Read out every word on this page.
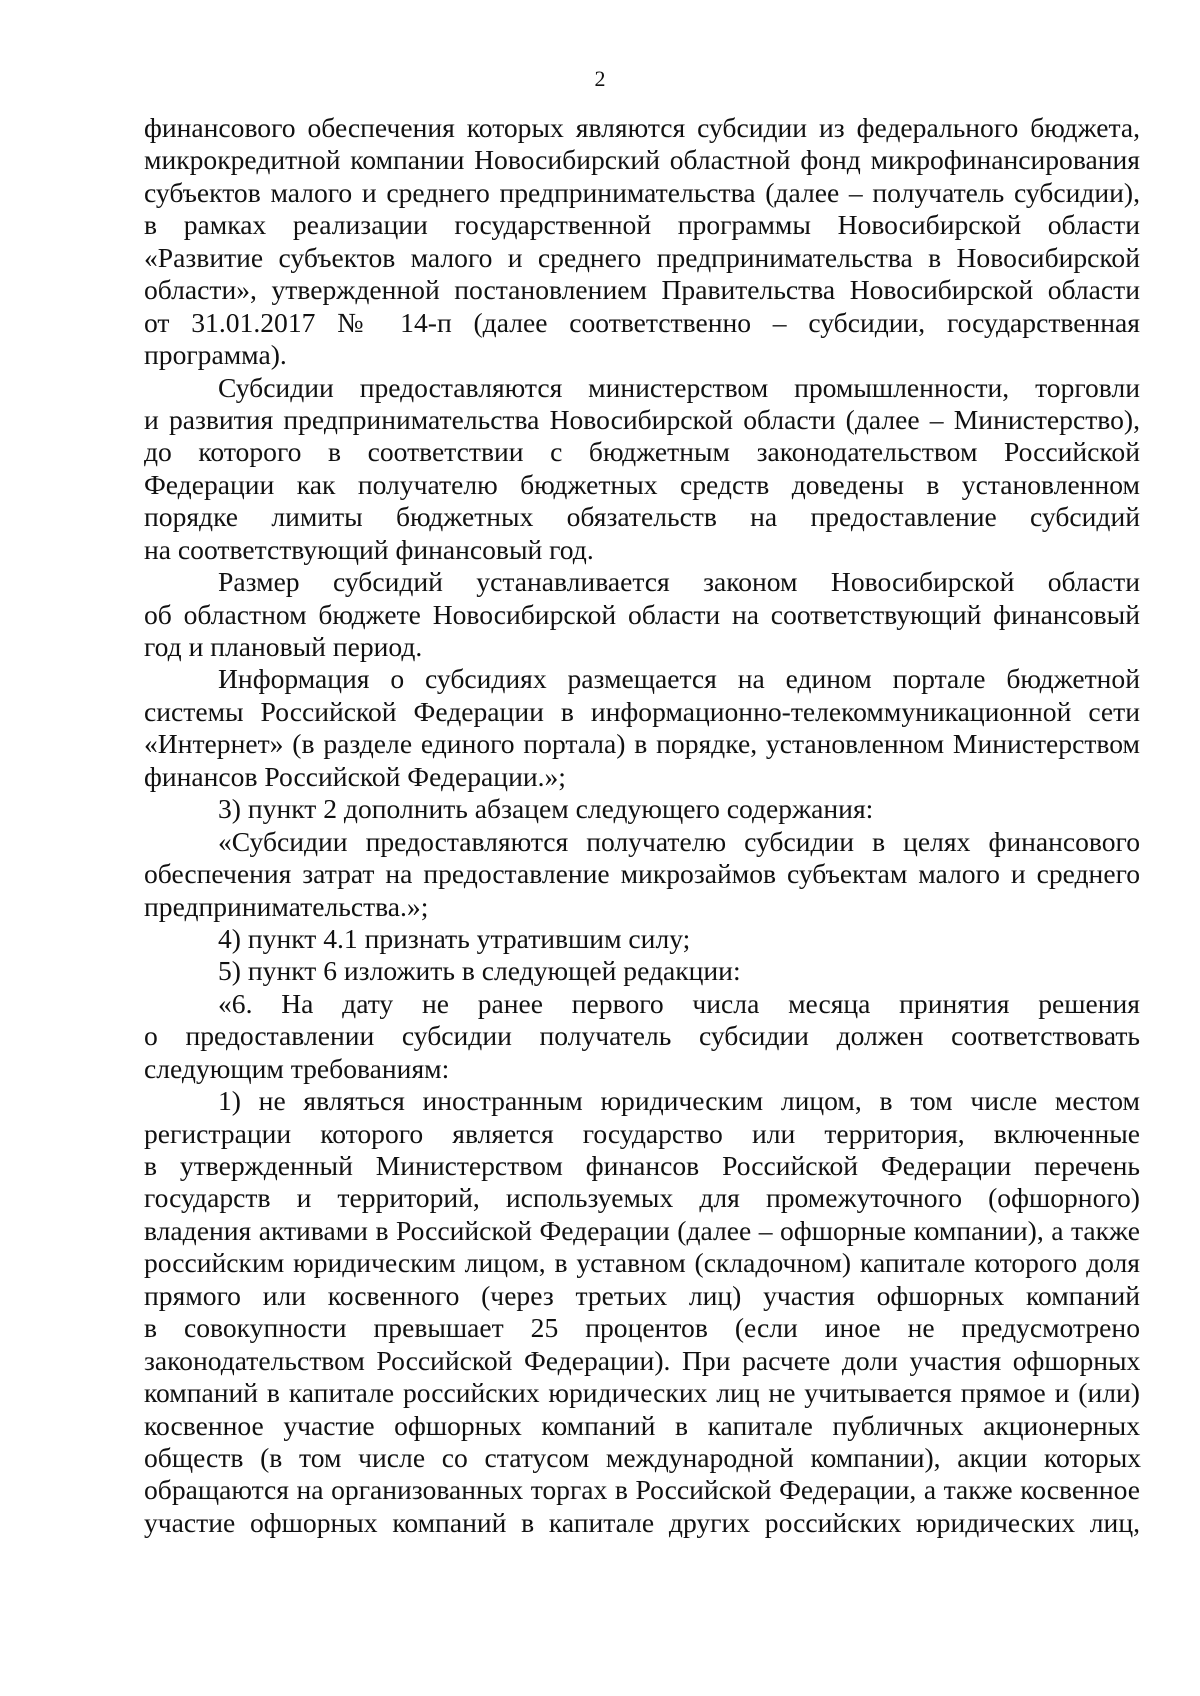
2
финансового обеспечения которых являются субсидии из федерального бюджета,
микрокредитной компании Новосибирский областной фонд микрофинансирования
субъектов малого и среднего предпринимательства (далее – получатель субсидии),
в рамках реализации государственной программы Новосибирской области
«Развитие субъектов малого и среднего предпринимательства в Новосибирской
области», утвержденной постановлением Правительства Новосибирской области
от 31.01.2017 № 14-п (далее соответственно – субсидии, государственная
программа).
Субсидии предоставляются министерством промышленности, торговли
и развития предпринимательства Новосибирской области (далее – Министерство),
до которого в соответствии с бюджетным законодательством Российской
Федерации как получателю бюджетных средств доведены в установленном
порядке лимиты бюджетных обязательств на предоставление субсидий
на соответствующий финансовый год.
Размер субсидий устанавливается законом Новосибирской области
об областном бюджете Новосибирской области на соответствующий финансовый
год и плановый период.
Информация о субсидиях размещается на едином портале бюджетной
системы Российской Федерации в информационно-телекоммуникационной сети
«Интернет» (в разделе единого портала) в порядке, установленном Министерством
финансов Российской Федерации.»;
3) пункт 2 дополнить абзацем следующего содержания:
«Субсидии предоставляются получателю субсидии в целях финансового
обеспечения затрат на предоставление микрозаймов субъектам малого и среднего
предпринимательства.»;
4) пункт 4.1 признать утратившим силу;
5) пункт 6 изложить в следующей редакции:
«6. На дату не ранее первого числа месяца принятия решения
о предоставлении субсидии получатель субсидии должен соответствовать
следующим требованиям:
1) не являться иностранным юридическим лицом, в том числе местом
регистрации которого является государство или территория, включенные
в утвержденный Министерством финансов Российской Федерации перечень
государств и территорий, используемых для промежуточного (офшорного)
владения активами в Российской Федерации (далее – офшорные компании), а также
российским юридическим лицом, в уставном (складочном) капитале которого доля
прямого или косвенного (через третьих лиц) участия офшорных компаний
в совокупности превышает 25 процентов (если иное не предусмотрено
законодательством Российской Федерации). При расчете доли участия офшорных
компаний в капитале российских юридических лиц не учитывается прямое и (или)
косвенное участие офшорных компаний в капитале публичных акционерных
обществ (в том числе со статусом международной компании), акции которых
обращаются на организованных торгах в Российской Федерации, а также косвенное
участие офшорных компаний в капитале других российских юридических лиц,
